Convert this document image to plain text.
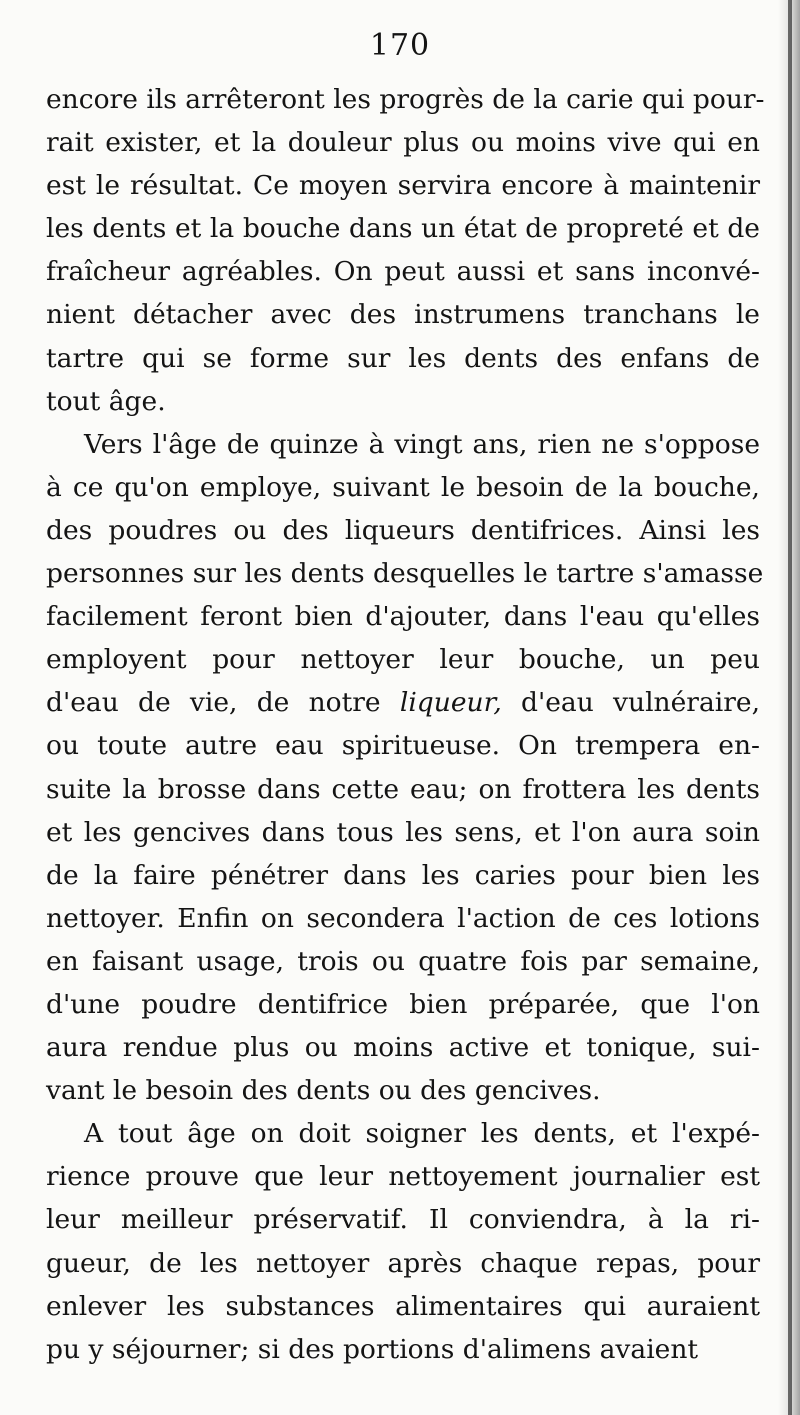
170
encore ils arrêteront les progrès de la carie qui pour-
rait exister, et la douleur plus ou moins vive qui en
est le résultat. Ce moyen servira encore à maintenir
les dents et la bouche dans un état de propreté et de
fraîcheur agréables. On peut aussi et sans inconvé-
nient détacher avec des instrumens tranchans le
tartre qui se forme sur les dents des enfans de
tout âge.
Vers l'âge de quinze à vingt ans, rien ne s'oppose
à ce qu'on employe, suivant le besoin de la bouche,
des poudres ou des liqueurs dentifrices. Ainsi les
personnes sur les dents desquelles le tartre s'amasse
facilement feront bien d'ajouter, dans l'eau qu'elles
employent pour nettoyer leur bouche, un peu
d'eau de vie, de notre liqueur, d'eau vulnéraire,
ou toute autre eau spiritueuse. On trempera en-
suite la brosse dans cette eau; on frottera les dents
et les gencives dans tous les sens, et l'on aura soin
de la faire pénétrer dans les caries pour bien les
nettoyer. Enfin on secondera l'action de ces lotions
en faisant usage, trois ou quatre fois par semaine,
d'une poudre dentifrice bien préparée, que l'on
aura rendue plus ou moins active et tonique, sui-
vant le besoin des dents ou des gencives.
A tout âge on doit soigner les dents, et l'expé-
rience prouve que leur nettoyement journalier est
leur meilleur préservatif. Il conviendra, à la ri-
gueur, de les nettoyer après chaque repas, pour
enlever les substances alimentaires qui auraient
pu y séjourner; si des portions d'alimens avaient
